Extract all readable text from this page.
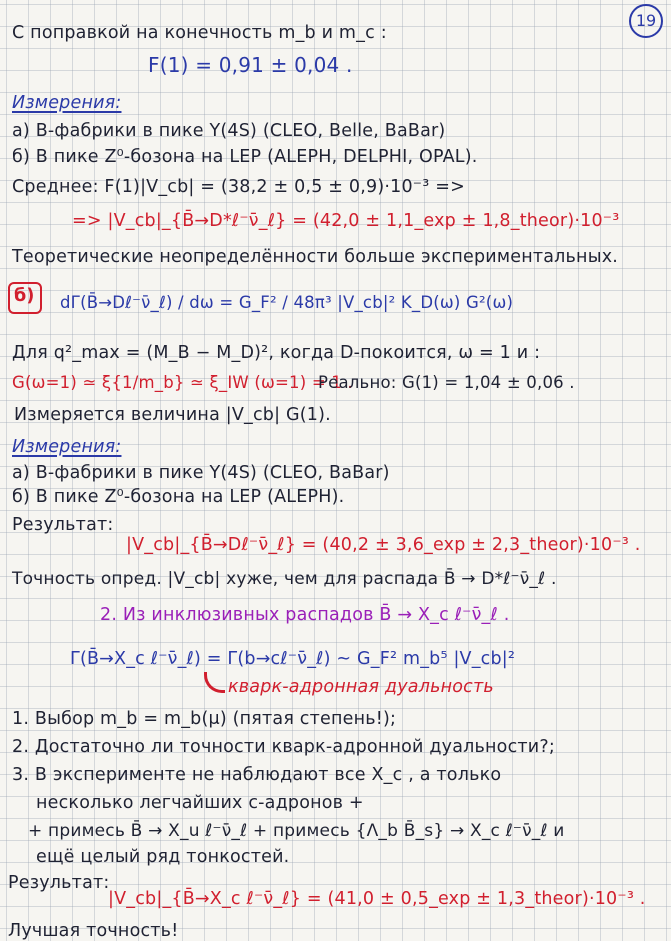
19
С поправкой на конечность m_b и m_c :
F(1) = 0,91 ± 0,04 .
Измерения:
а) B-фабрики в пике Υ(4S) (CLEO, Belle, BaBar)
б) В пике Z⁰-бозона на LEP (ALEPH, DELPHI, OPAL).
Среднее: F(1)|V_cb| = (38,2 ± 0,5 ± 0,9)·10⁻³ =>
=> |V_cb|_{B̄→D*ℓ⁻ν̄_ℓ} = (42,0 ± 1,1_exp ± 1,8_theor)·10⁻³
Теоретические неопределённости больше экспериментальных.
б) dΓ(B̄→Dℓ⁻ν̄_ℓ) / dω = G_F² / 48π³ |V_cb|² K_D(ω) G²(ω)
Для q²_max = (M_B − M_D)², когда D-покоится, ω = 1 и :
G(ω=1) ≃ ξ{1/m_b} ≃ ξ_IW (ω=1) = 1 .
Реально: G(1) = 1,04 ± 0,06 .
Измеряется величина |V_cb| G(1).
Измерения:
а) B-фабрики в пике Υ(4S) (CLEO, BaBar)
б) В пике Z⁰-бозона на LEP (ALEPH).
Результат:
|V_cb|_{B̄→Dℓ⁻ν̄_ℓ} = (40,2 ± 3,6_exp ± 2,3_theor)·10⁻³ .
Точность опред. |V_cb| хуже, чем для распада B̄ → D*ℓ⁻ν̄_ℓ .
2. Из инклюзивных распадов B̄ → X_c ℓ⁻ν̄_ℓ .
Γ(B̄→X_c ℓ⁻ν̄_ℓ) = Γ(b→cℓ⁻ν̄_ℓ) ~ G_F² m_b⁵ |V_cb|²
кварк-адронная дуальность
1. Выбор m_b = m_b(μ) (пятая степень!);
2. Достаточно ли точности кварк-адронной дуальности?;
3. В эксперименте не наблюдают все X_c , а только
несколько легчайших c-адронов +
+ примесь B̄ → X_u ℓ⁻ν̄_ℓ + примесь {Λ_b B̄_s} → X_c ℓ⁻ν̄_ℓ и
ещё целый ряд тонкостей.
Результат:
|V_cb|_{B̄→X_c ℓ⁻ν̄_ℓ} = (41,0 ± 0,5_exp ± 1,3_theor)·10⁻³ .
Лучшая точность!
